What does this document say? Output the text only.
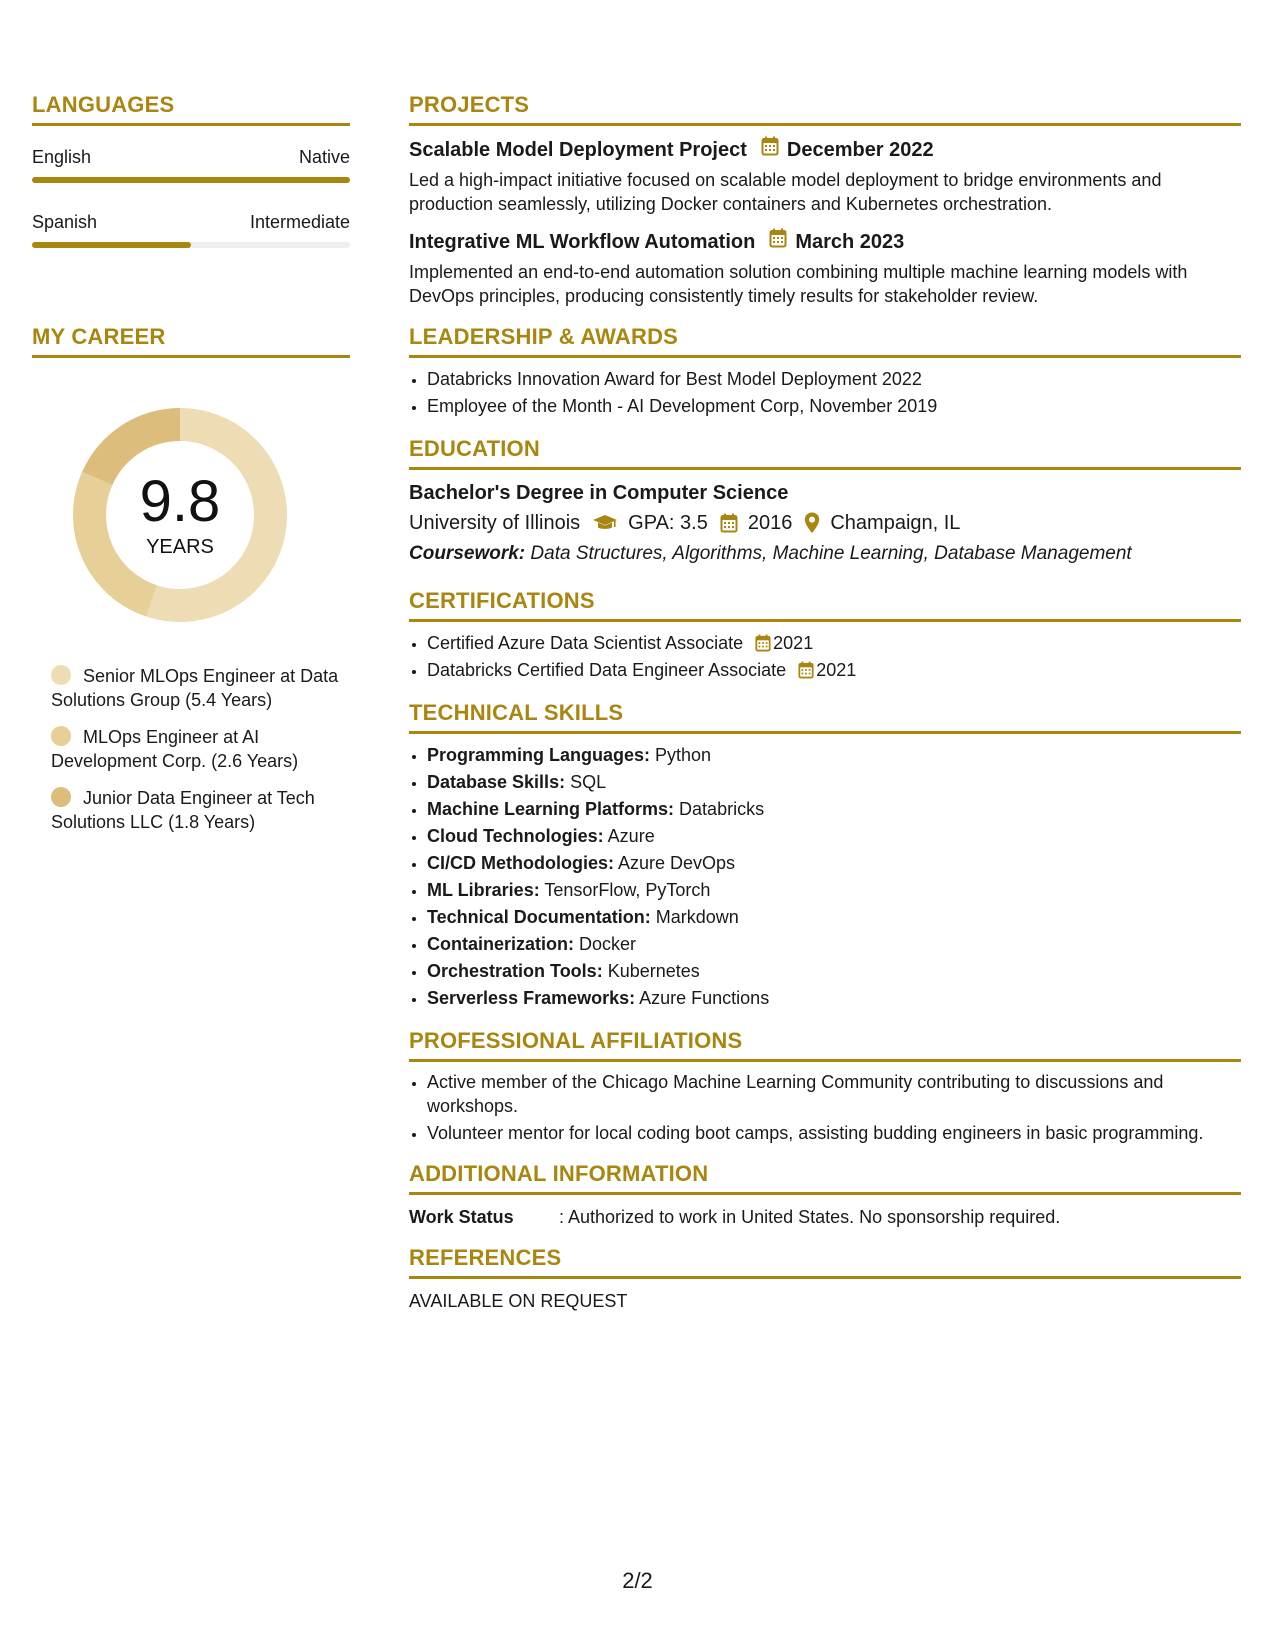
LANGUAGES
English	Native
Spanish	Intermediate
MY CAREER
9.8
YEARS
Senior MLOps Engineer at Data Solutions Group (5.4 Years)
MLOps Engineer at AI Development Corp. (2.6 Years)
Junior Data Engineer at Tech Solutions LLC (1.8 Years)
PROJECTS
Scalable Model Deployment Project December 2022
Led a high-impact initiative focused on scalable model deployment to bridge environments and production seamlessly, utilizing Docker containers and Kubernetes orchestration.
Integrative ML Workflow Automation March 2023
Implemented an end-to-end automation solution combining multiple machine learning models with DevOps principles, producing consistently timely results for stakeholder review.
LEADERSHIP & AWARDS
• Databricks Innovation Award for Best Model Deployment 2022
• Employee of the Month - AI Development Corp, November 2019
EDUCATION
Bachelor's Degree in Computer Science
University of Illinois GPA: 3.5 2016 Champaign, IL
Coursework: Data Structures, Algorithms, Machine Learning, Database Management
CERTIFICATIONS
• Certified Azure Data Scientist Associate 2021
• Databricks Certified Data Engineer Associate 2021
TECHNICAL SKILLS
• Programming Languages: Python
• Database Skills: SQL
• Machine Learning Platforms: Databricks
• Cloud Technologies: Azure
• CI/CD Methodologies: Azure DevOps
• ML Libraries: TensorFlow, PyTorch
• Technical Documentation: Markdown
• Containerization: Docker
• Orchestration Tools: Kubernetes
• Serverless Frameworks: Azure Functions
PROFESSIONAL AFFILIATIONS
• Active member of the Chicago Machine Learning Community contributing to discussions and workshops.
• Volunteer mentor for local coding boot camps, assisting budding engineers in basic programming.
ADDITIONAL INFORMATION
Work Status	: Authorized to work in United States. No sponsorship required.
REFERENCES
AVAILABLE ON REQUEST
2/2
